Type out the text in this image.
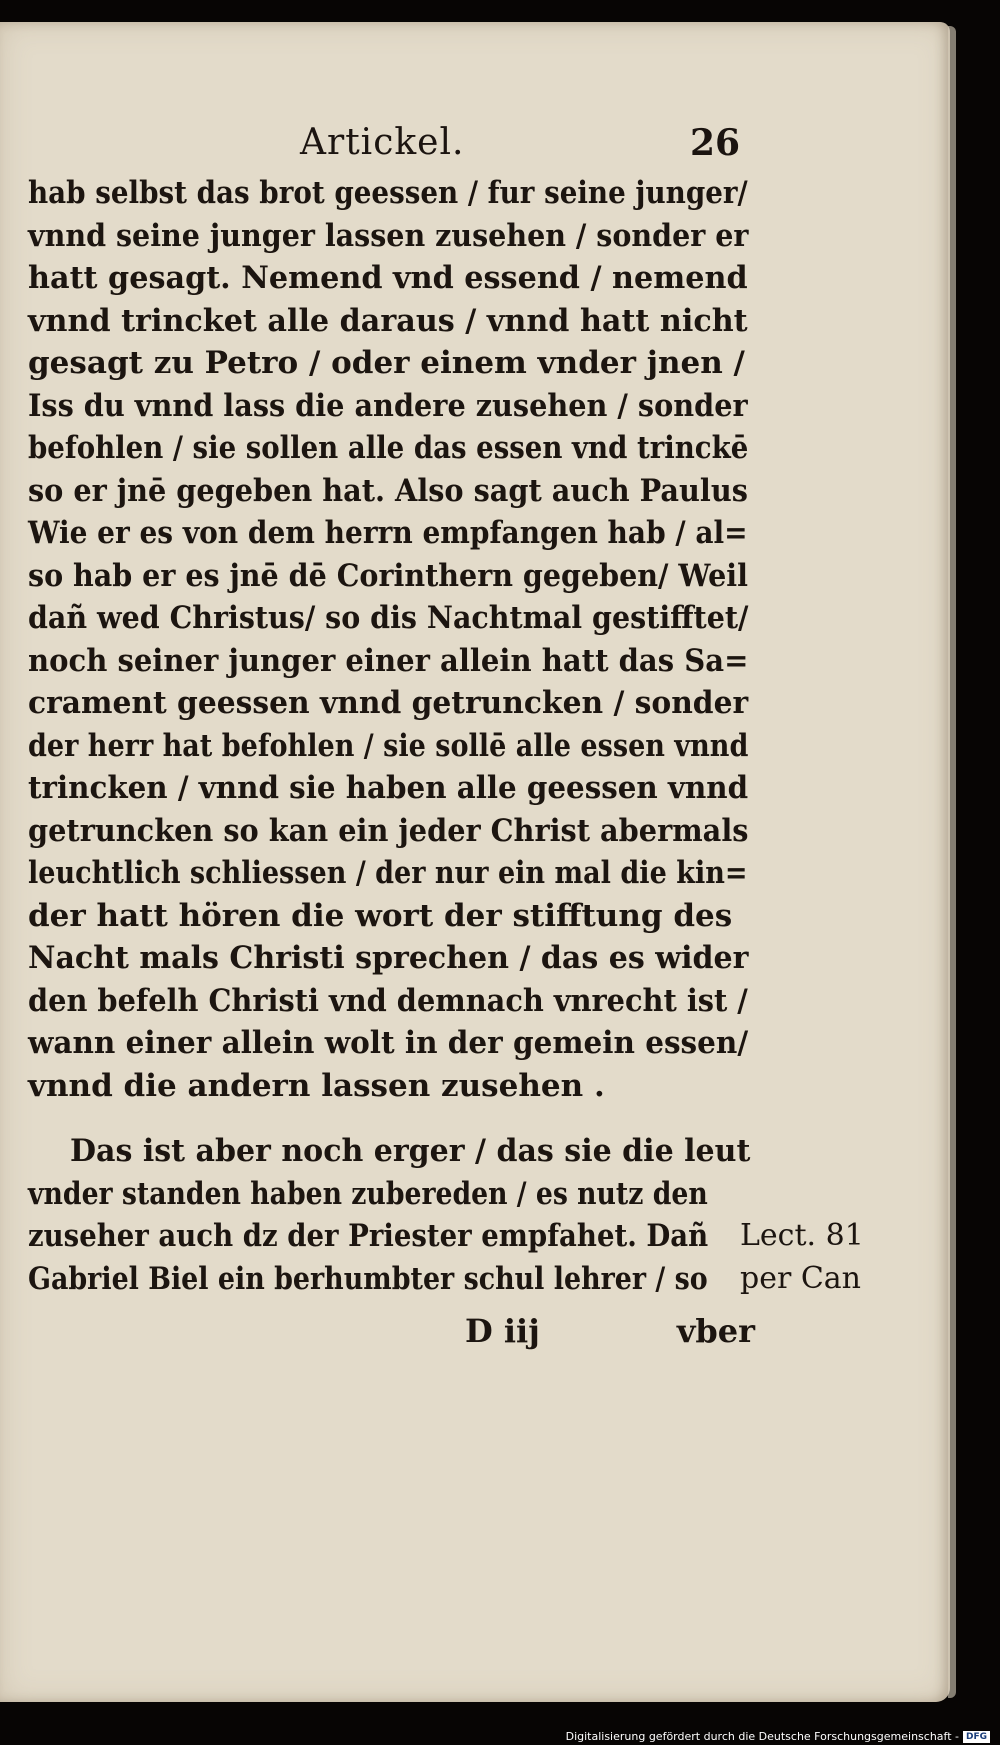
Artickel.	26
hab selbst das brot geessen / fur seine junger/
vnnd seine junger lassen zusehen / sonder er
hatt gesagt. Nemend vnd essend / nemend
vnnd trincket alle daraus / vnnd hatt nicht
gesagt zu Petro / oder einem vnder jnen /
Iss du vnnd lass die andere zusehen / sonder
befohlen / sie sollen alle das essen vnd trinckē
so er jnē gegeben hat. Also sagt auch Paulus
Wie er es von dem herrn empfangen hab / al=
so hab er es jnē dē Corinthern gegeben/ Weil
dañ wed Christus/ so dis Nachtmal gestifftet/
noch seiner junger einer allein hatt das Sa=
crament geessen vnnd getruncken / sonder
der herr hat befohlen / sie sollē alle essen vnnd
trincken / vnnd sie haben alle geessen vnnd
getruncken so kan ein jeder Christ abermals
leuchtlich schliessen / der nur ein mal die kin=
der hatt hören die wort der stifftung des
Nacht mals Christi sprechen / das es wider
den befelh Christi vnd demnach vnrecht ist /
wann einer allein wolt in der gemein essen/
vnnd die andern lassen zusehen .
Das ist aber noch erger / das sie die leut
vnder standen haben zubereden / es nutz den
zuseher auch dz der Priester empfahet. Dañ
Gabriel Biel ein berhumbter schul lehrer / so
Lect. 81
per Can
D iij	vber
Digitalisierung gefördert durch die Deutsche Forschungsgemeinschaft - DFG
